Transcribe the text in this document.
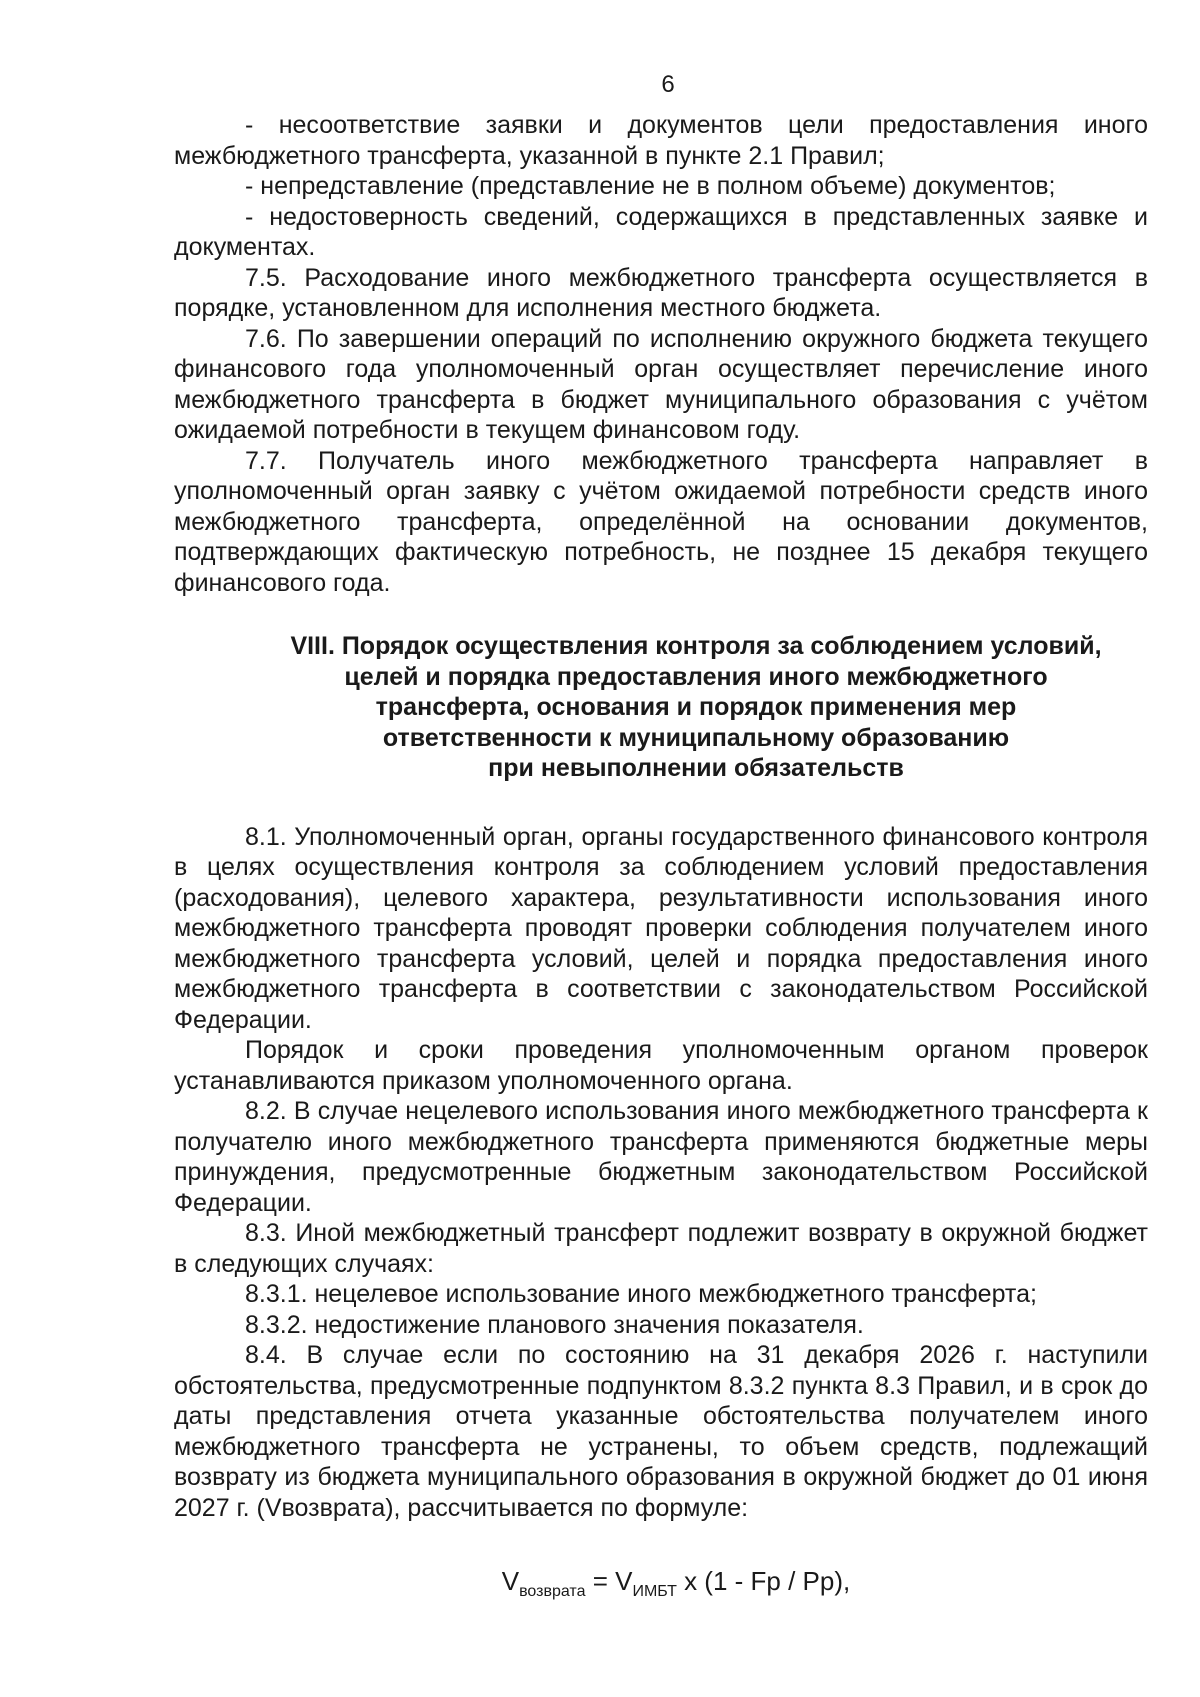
6

- несоответствие заявки и документов цели предоставления иного межбюджетного трансферта, указанной в пункте 2.1 Правил;

- непредставление (представление не в полном объеме) документов;

- недостоверность сведений, содержащихся в представленных заявке и документах.

7.5. Расходование иного межбюджетного трансферта осуществляется в порядке, установленном для исполнения местного бюджета.

7.6. По завершении операций по исполнению окружного бюджета текущего финансового года уполномоченный орган осуществляет перечисление иного межбюджетного трансферта в бюджет муниципального образования с учётом ожидаемой потребности в текущем финансовом году.

7.7. Получатель иного межбюджетного трансферта направляет в уполномоченный орган заявку с учётом ожидаемой потребности средств иного межбюджетного трансферта, определённой на основании документов, подтверждающих фактическую потребность, не позднее 15 декабря текущего финансового года.

VIII. Порядок осуществления контроля за соблюдением условий,
целей и порядка предоставления иного межбюджетного
трансферта, основания и порядок применения мер
ответственности к муниципальному образованию
при невыполнении обязательств

8.1. Уполномоченный орган, органы государственного финансового контроля в целях осуществления контроля за соблюдением условий предоставления (расходования), целевого характера, результативности использования иного межбюджетного трансферта проводят проверки соблюдения получателем иного межбюджетного трансферта условий, целей и порядка предоставления иного межбюджетного трансферта в соответствии с законодательством Российской Федерации.

Порядок и сроки проведения уполномоченным органом проверок устанавливаются приказом уполномоченного органа.

8.2. В случае нецелевого использования иного межбюджетного трансферта к получателю иного межбюджетного трансферта применяются бюджетные меры принуждения, предусмотренные бюджетным законодательством Российской Федерации.

8.3. Иной межбюджетный трансферт подлежит возврату в окружной бюджет в следующих случаях:

8.3.1. нецелевое использование иного межбюджетного трансферта;

8.3.2. недостижение планового значения показателя.

8.4. В случае если по состоянию на 31 декабря 2026 г. наступили обстоятельства, предусмотренные подпунктом 8.3.2 пункта 8.3 Правил, и в срок до даты представления отчета указанные обстоятельства получателем иного межбюджетного трансферта не устранены, то объем средств, подлежащий возврату из бюджета муниципального образования в окружной бюджет до 01 июня 2027 г. (Vвозврата), рассчитывается по формуле:

$V_{возврата} = V_{ИМБТ}$ х (1 - Fр / Рр),
